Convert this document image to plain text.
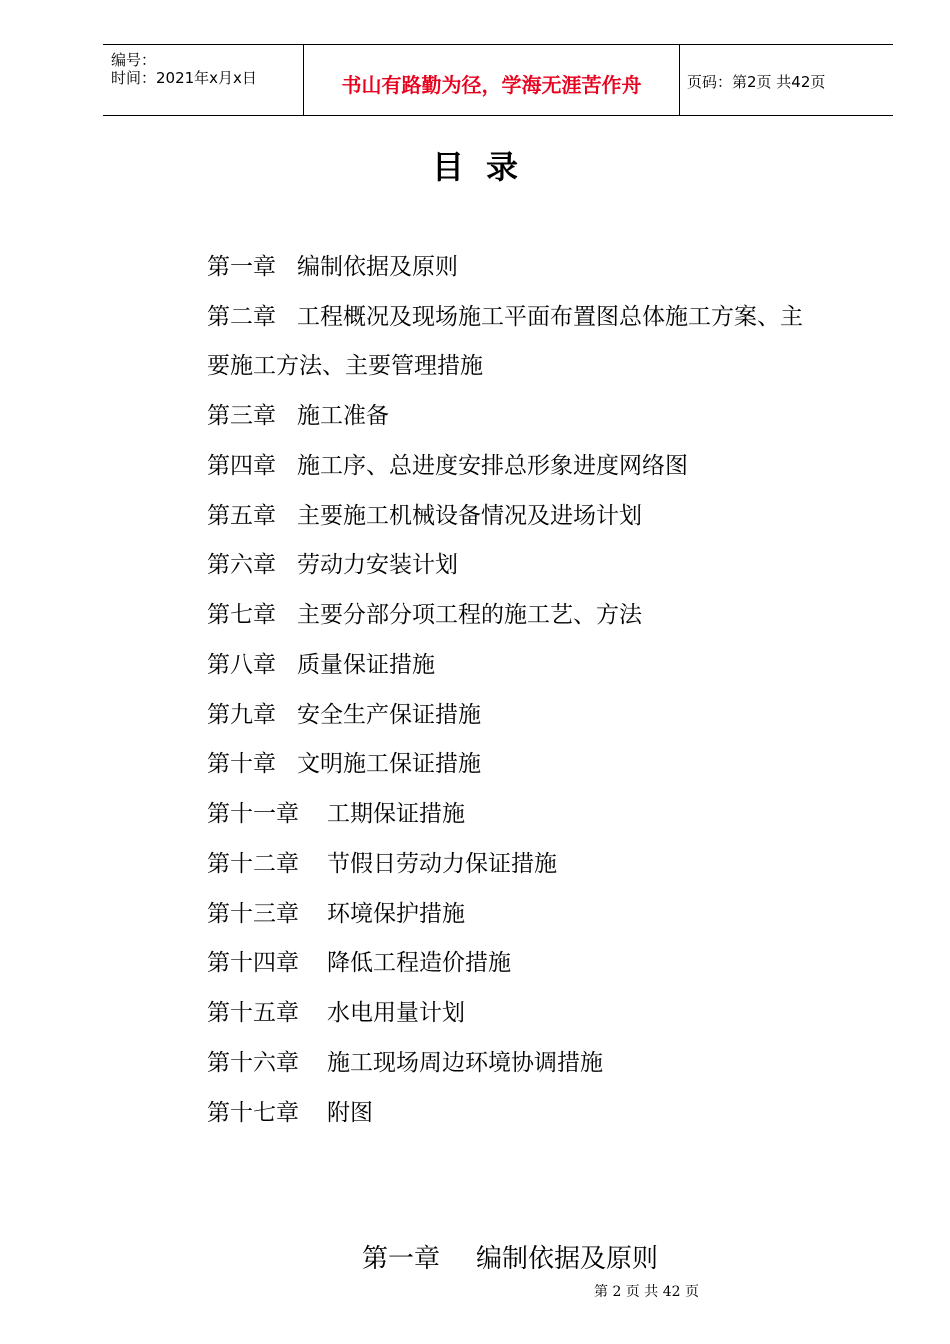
编号：
时间：2021年x月x日	书山有路勤为径，学海无涯苦作舟	页码：第2页 共42页
目录
第一章 编制依据及原则
第二章 工程概况及现场施工平面布置图总体施工方案、主
要施工方法、主要管理措施
第三章 施工准备
第四章 施工序、总进度安排总形象进度网络图
第五章 主要施工机械设备情况及进场计划
第六章 劳动力安装计划
第七章 主要分部分项工程的施工艺、方法
第八章 质量保证措施
第九章 安全生产保证措施
第十章 文明施工保证措施
第十一章 工期保证措施
第十二章 节假日劳动力保证措施
第十三章 环境保护措施
第十四章 降低工程造价措施
第十五章 水电用量计划
第十六章 施工现场周边环境协调措施
第十七章 附图
第一章 编制依据及原则
第 2 页 共 42 页
